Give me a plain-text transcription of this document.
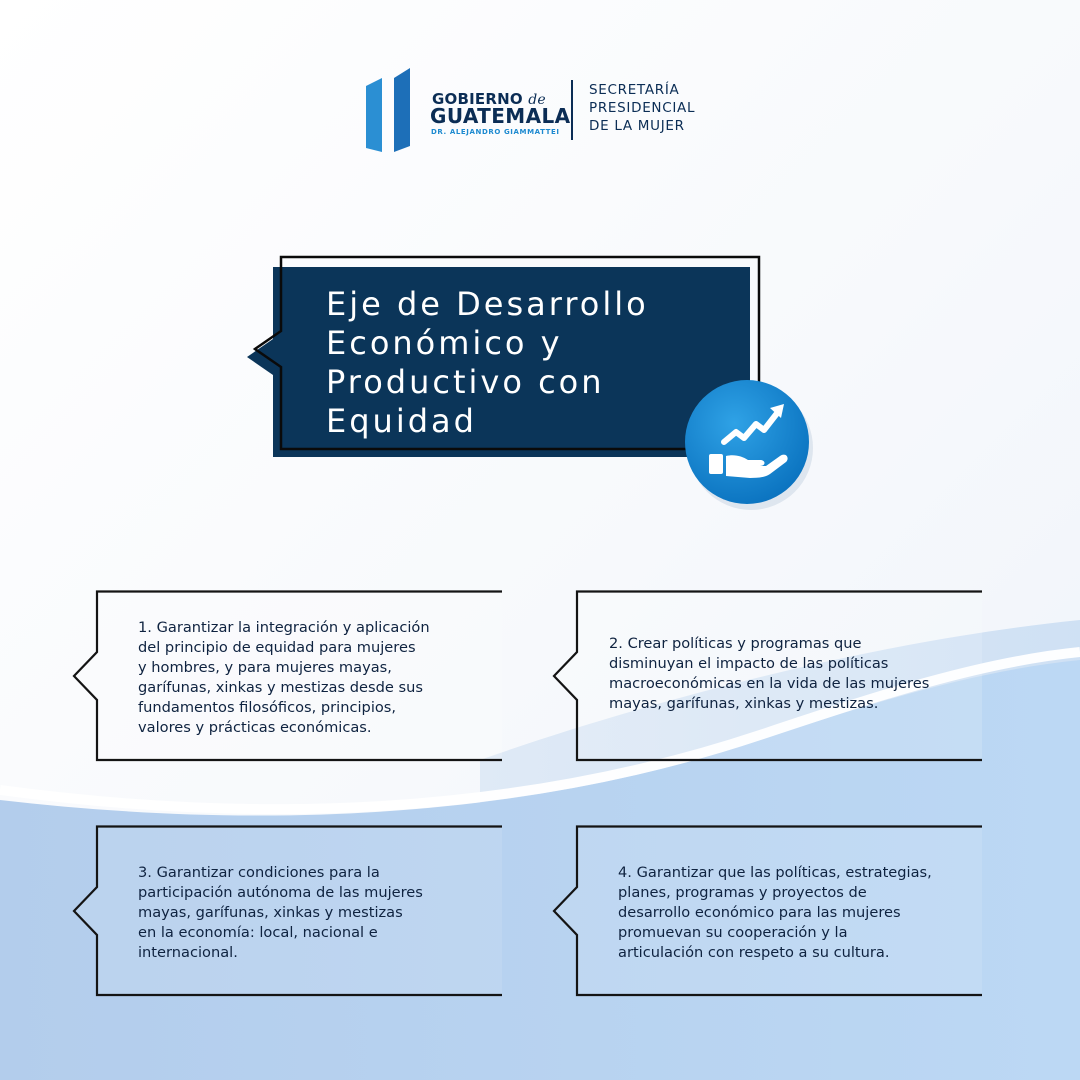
GOBIERNO de
GUATEMALA
DR. ALEJANDRO GIAMMATTEI
SECRETARÍA
PRESIDENCIAL
DE LA MUJER
Eje de Desarrollo
Económico y
Productivo con
Equidad
1. Garantizar la integración y aplicación
del principio de equidad para mujeres
y hombres, y para mujeres mayas,
garífunas, xinkas y mestizas desde sus
fundamentos filosóficos, principios,
valores y prácticas económicas.
2. Crear políticas y programas que
disminuyan el impacto de las políticas
macroeconómicas en la vida de las mujeres
mayas, garífunas, xinkas y mestizas.
3. Garantizar condiciones para la
participación autónoma de las mujeres
mayas, garífunas, xinkas y mestizas
en la economía: local, nacional e
internacional.
4. Garantizar que las políticas, estrategias,
planes, programas y proyectos de
desarrollo económico para las mujeres
promuevan su cooperación y la
articulación con respeto a su cultura.
